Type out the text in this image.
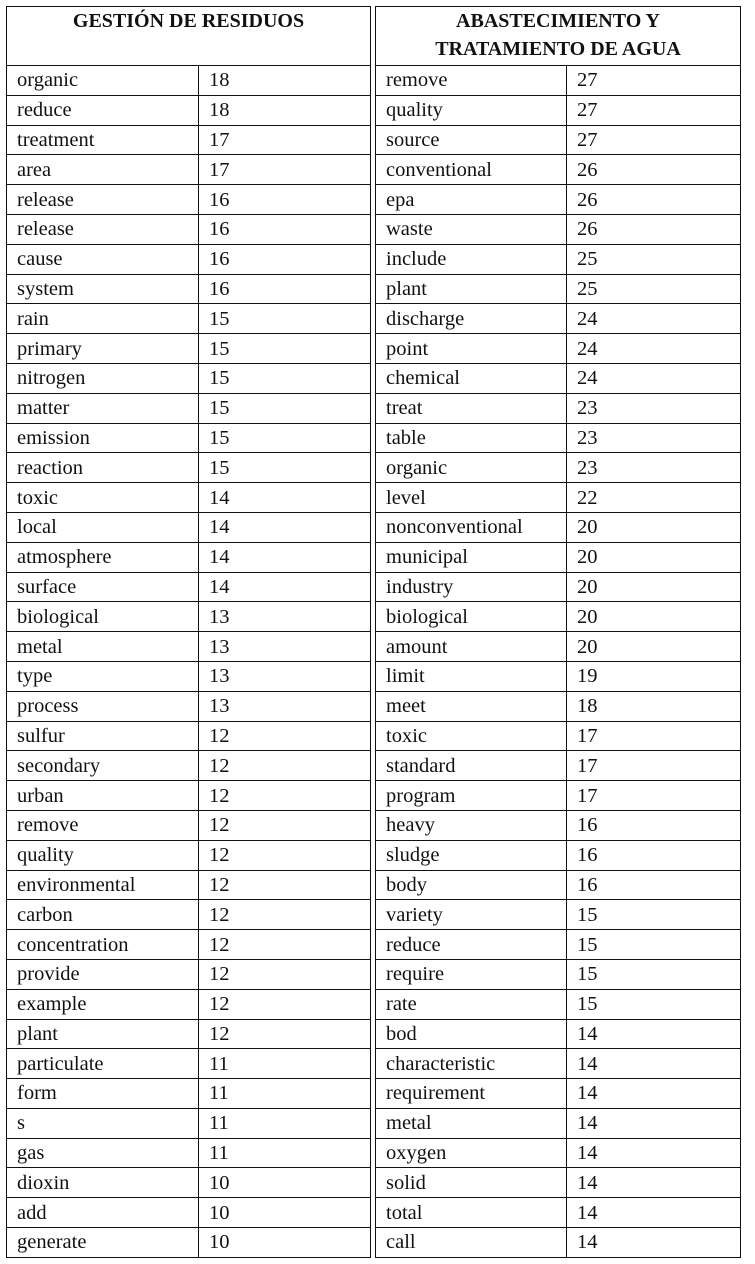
GESTIÓN DE RESIDUOS	
organic	18
reduce	18
treatment	17
area	17
release	16
release	16
cause	16
system	16
rain	15
primary	15
nitrogen	15
matter	15
emission	15
reaction	15
toxic	14
local	14
atmosphere	14
surface	14
biological	13
metal	13
type	13
process	13
sulfur	12
secondary	12
urban	12
remove	12
quality	12
environmental	12
carbon	12
concentration	12
provide	12
example	12
plant	12
particulate	11
form	11
s	11
gas	11
dioxin	10
add	10
generate	10
ABASTECIMIENTO Y TRATAMIENTO DE AGUA	
remove	27
quality	27
source	27
conventional	26
epa	26
waste	26
include	25
plant	25
discharge	24
point	24
chemical	24
treat	23
table	23
organic	23
level	22
nonconventional	20
municipal	20
industry	20
biological	20
amount	20
limit	19
meet	18
toxic	17
standard	17
program	17
heavy	16
sludge	16
body	16
variety	15
reduce	15
require	15
rate	15
bod	14
characteristic	14
requirement	14
metal	14
oxygen	14
solid	14
total	14
call	14
